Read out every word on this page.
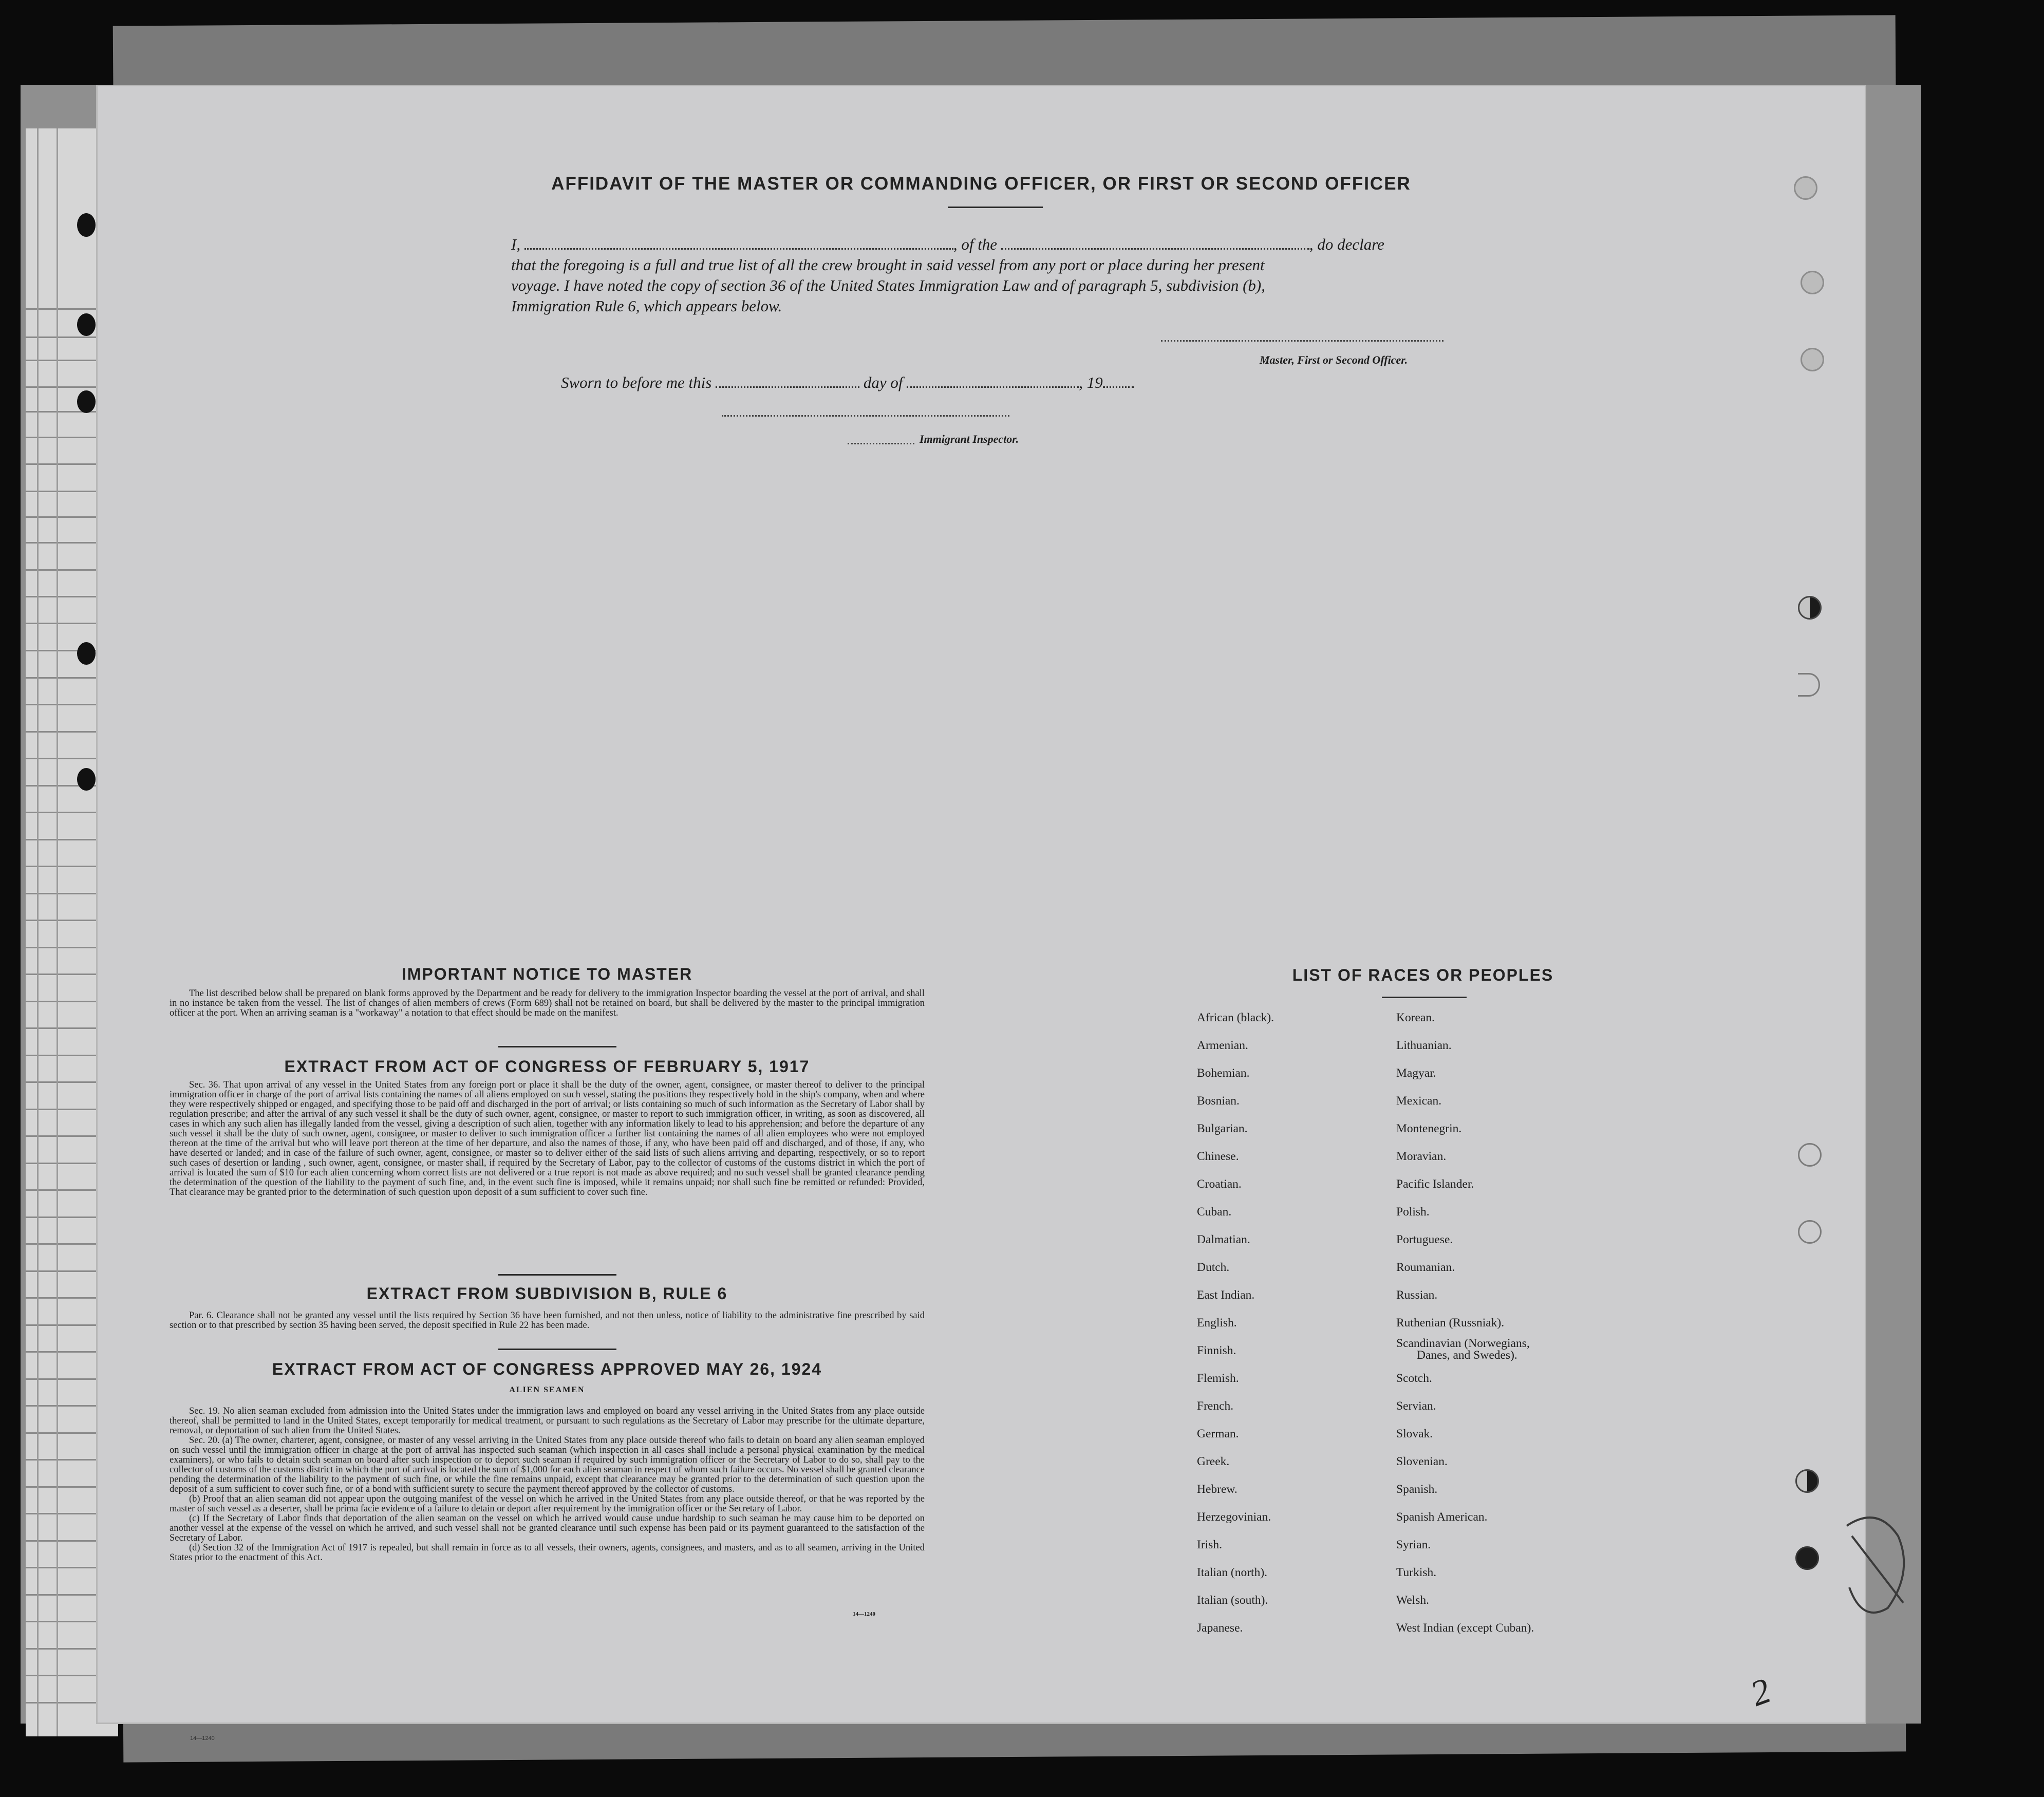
AFFIDAVIT OF THE MASTER OR COMMANDING OFFICER, OR FIRST OR SECOND OFFICER
I,	, of the	, do declare
that the foregoing is a full and true list of all the crew brought in said vessel from any port or place during her present
voyage. I have noted the copy of section 36 of the United States Immigration Law and of paragraph 5, subdivision (b),
Immigration Rule 6, which appears below.
Master, First or Second Officer.
Sworn to before me this	day of	, 19
Immigrant Inspector.
IMPORTANT NOTICE TO MASTER

The list described below shall be prepared on blank forms approved by the Department and be ready for delivery to the immigration Inspector boarding the vessel at the port of arrival, and shall in no instance be taken from the vessel. The list of changes of alien members of crews (Form 689) shall not be retained on board, but shall be delivered by the master to the principal immigration officer at the port. When an arriving seaman is a "workaway" a notation to that effect should be made on the manifest.

EXTRACT FROM ACT OF CONGRESS OF FEBRUARY 5, 1917

Sec. 36. That upon arrival of any vessel in the United States from any foreign port or place it shall be the duty of the owner, agent, consignee, or master thereof to deliver to the principal immigration officer in charge of the port of arrival lists containing the names of all aliens employed on such vessel, stating the positions they respectively hold in the ship's company, when and where they were respectively shipped or engaged, and specifying those to be paid off and discharged in the port of arrival; or lists containing so much of such information as the Secretary of Labor shall by regulation prescribe; and after the arrival of any such vessel it shall be the duty of such owner, agent, consignee, or master to report to such immigration officer, in writing, as soon as discovered, all cases in which any such alien has illegally landed from the vessel, giving a description of such alien, together with any information likely to lead to his apprehension; and before the departure of any such vessel it shall be the duty of such owner, agent, consignee, or master to deliver to such immigration officer a further list containing the names of all alien employees who were not employed thereon at the time of the arrival but who will leave port thereon at the time of her departure, and also the names of those, if any, who have been paid off and discharged, and of those, if any, who have deserted or landed; and in case of the failure of such owner, agent, consignee, or master so to deliver either of the said lists of such aliens arriving and departing, respectively, or so to report such cases of desertion or landing , such owner, agent, consignee, or master shall, if required by the Secretary of Labor, pay to the collector of customs of the customs district in which the port of arrival is located the sum of $10 for each alien concerning whom correct lists are not delivered or a true report is not made as above required; and no such vessel shall be granted clearance pending the determination of the question of the liability to the payment of such fine, and, in the event such fine is imposed, while it remains unpaid; nor shall such fine be remitted or refunded: Provided, That clearance may be granted prior to the determination of such question upon deposit of a sum sufficient to cover such fine.

EXTRACT FROM SUBDIVISION B, RULE 6

Par. 6. Clearance shall not be granted any vessel until the lists required by Section 36 have been furnished, and not then unless, notice of liability to the administrative fine prescribed by said section or to that prescribed by section 35 having been served, the deposit specified in Rule 22 has been made.

EXTRACT FROM ACT OF CONGRESS APPROVED MAY 26, 1924
ALIEN SEAMEN

Sec. 19. No alien seaman excluded from admission into the United States under the immigration laws and employed on board any vessel arriving in the United States from any place outside thereof, shall be permitted to land in the United States, except temporarily for medical treatment, or pursuant to such regulations as the Secretary of Labor may prescribe for the ultimate departure, removal, or deportation of such alien from the United States.

Sec. 20. (a) The owner, charterer, agent, consignee, or master of any vessel arriving in the United States from any place outside thereof who fails to detain on board any alien seaman employed on such vessel until the immigration officer in charge at the port of arrival has inspected such seaman (which inspection in all cases shall include a personal physical examination by the medical examiners), or who fails to detain such seaman on board after such inspection or to deport such seaman if required by such immigration officer or the Secretary of Labor to do so, shall pay to the collector of customs of the customs district in which the port of arrival is located the sum of $1,000 for each alien seaman in respect of whom such failure occurs. No vessel shall be granted clearance pending the determination of the liability to the payment of such fine, or while the fine remains unpaid, except that clearance may be granted prior to the determination of such question upon the deposit of a sum sufficient to cover such fine, or of a bond with sufficient surety to secure the payment thereof approved by the collector of customs.

(b) Proof that an alien seaman did not appear upon the outgoing manifest of the vessel on which he arrived in the United States from any place outside thereof, or that he was reported by the master of such vessel as a deserter, shall be prima facie evidence of a failure to detain or deport after requirement by the immigration officer or the Secretary of Labor.

(c) If the Secretary of Labor finds that deportation of the alien seaman on the vessel on which he arrived would cause undue hardship to such seaman he may cause him to be deported on another vessel at the expense of the vessel on which he arrived, and such vessel shall not be granted clearance until such expense has been paid or its payment guaranteed to the satisfaction of the Secretary of Labor.

(d) Section 32 of the Immigration Act of 1917 is repealed, but shall remain in force as to all vessels, their owners, agents, consignees, and masters, and as to all seamen, arriving in the United States prior to the enactment of this Act.

14—1240
LIST OF RACES OR PEOPLES
African (black).
Armenian.
Bohemian.
Bosnian.
Bulgarian.
Chinese.
Croatian.
Cuban.
Dalmatian.
Dutch.
East Indian.
English.
Finnish.
Flemish.
French.
German.
Greek.
Hebrew.
Herzegovinian.
Irish.
Italian (north).
Italian (south).
Japanese.
Korean.
Lithuanian.
Magyar.
Mexican.
Montenegrin.
Moravian.
Pacific Islander.
Polish.
Portuguese.
Roumanian.
Russian.
Ruthenian (Russniak).
Scandinavian (Norwegians,
Danes, and Swedes).
Scotch.
Servian.
Slovak.
Slovenian.
Spanish.
Spanish American.
Syrian.
Turkish.
Welsh.
West Indian (except Cuban).
14—1240
2
